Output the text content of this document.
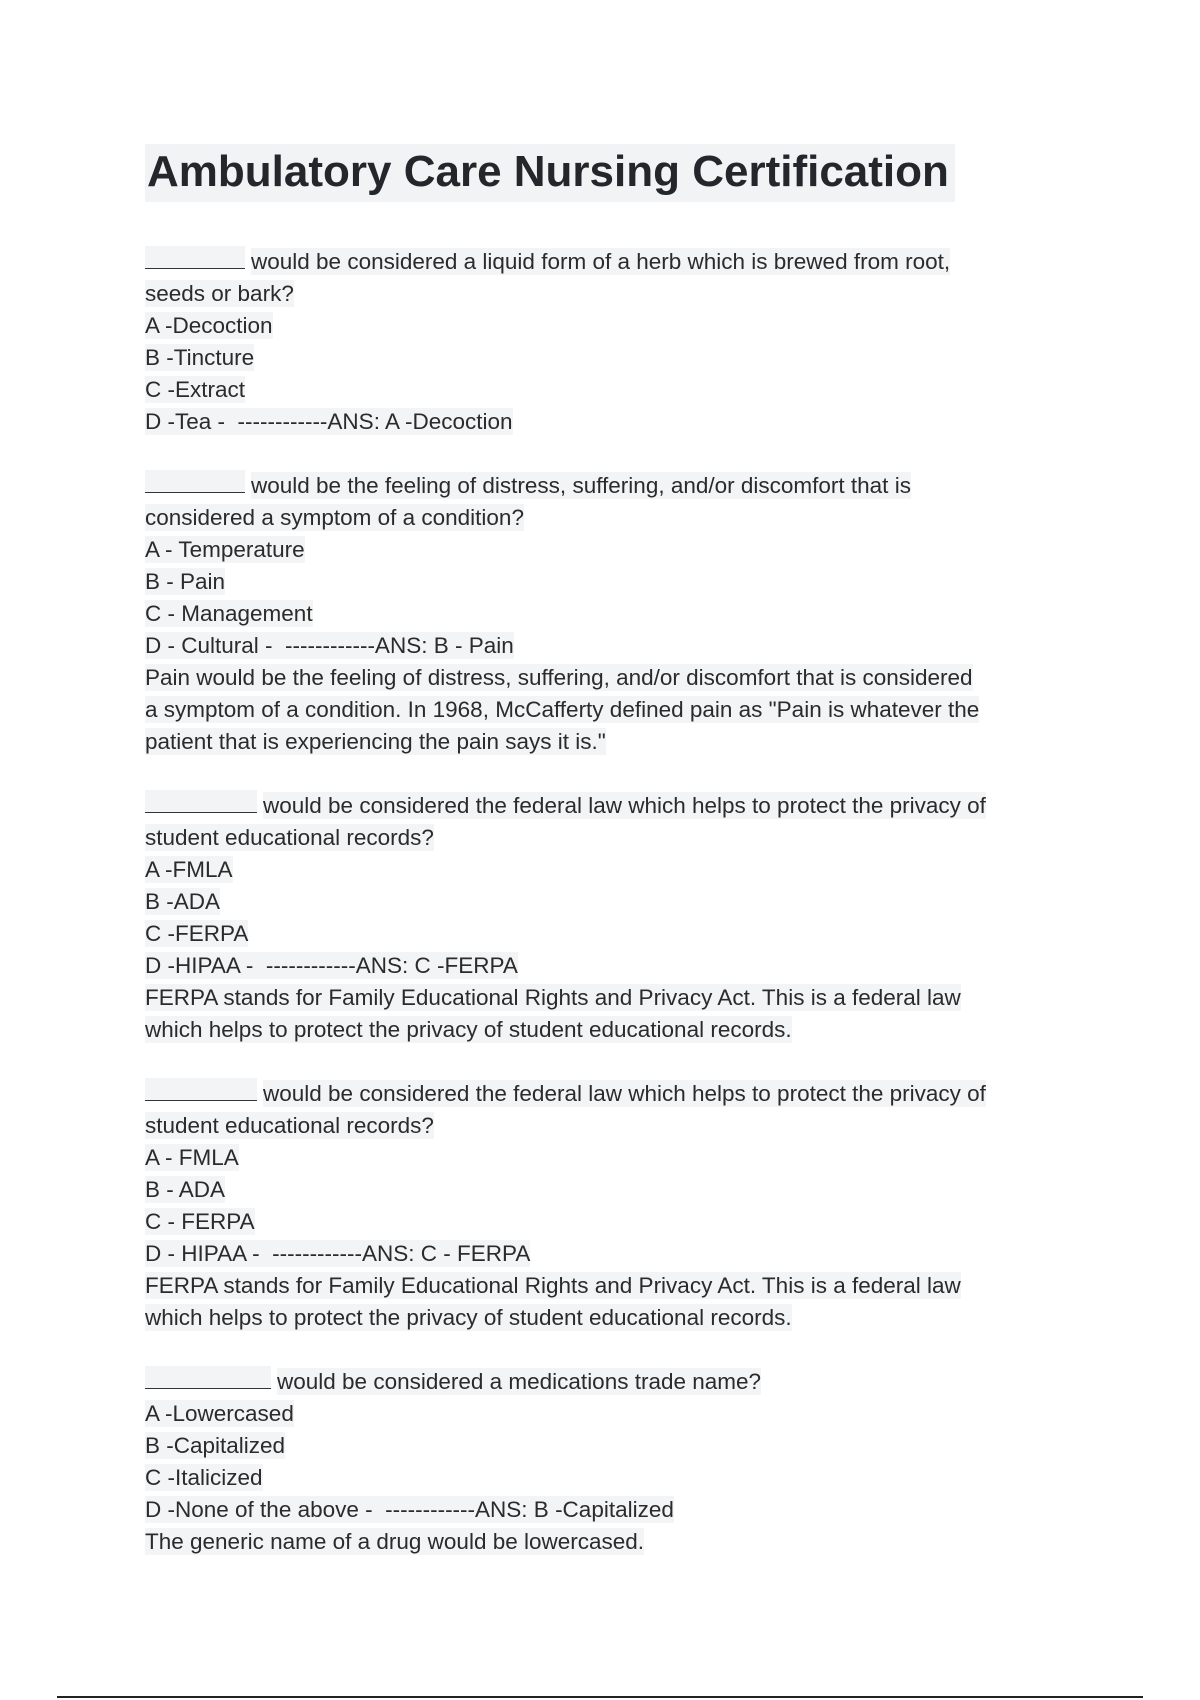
Ambulatory Care Nursing Certification
would be considered a liquid form of a herb which is brewed from root,
seeds or bark?
A -Decoction
B -Tincture
C -Extract
D -Tea -  ------------ANS: A -Decoction
would be the feeling of distress, suffering, and/or discomfort that is
considered a symptom of a condition?
A - Temperature
B - Pain
C - Management
D - Cultural -  ------------ANS: B - Pain
Pain would be the feeling of distress, suffering, and/or discomfort that is considered
a symptom of a condition. In 1968, McCafferty defined pain as "Pain is whatever the
patient that is experiencing the pain says it is."
would be considered the federal law which helps to protect the privacy of
student educational records?
A -FMLA
B -ADA
C -FERPA
D -HIPAA -  ------------ANS: C -FERPA
FERPA stands for Family Educational Rights and Privacy Act. This is a federal law
which helps to protect the privacy of student educational records.
would be considered the federal law which helps to protect the privacy of
student educational records?
A - FMLA
B - ADA
C - FERPA
D - HIPAA -  ------------ANS: C - FERPA
FERPA stands for Family Educational Rights and Privacy Act. This is a federal law
which helps to protect the privacy of student educational records.
would be considered a medications trade name?
A -Lowercased
B -Capitalized
C -Italicized
D -None of the above -  ------------ANS: B -Capitalized
The generic name of a drug would be lowercased.
